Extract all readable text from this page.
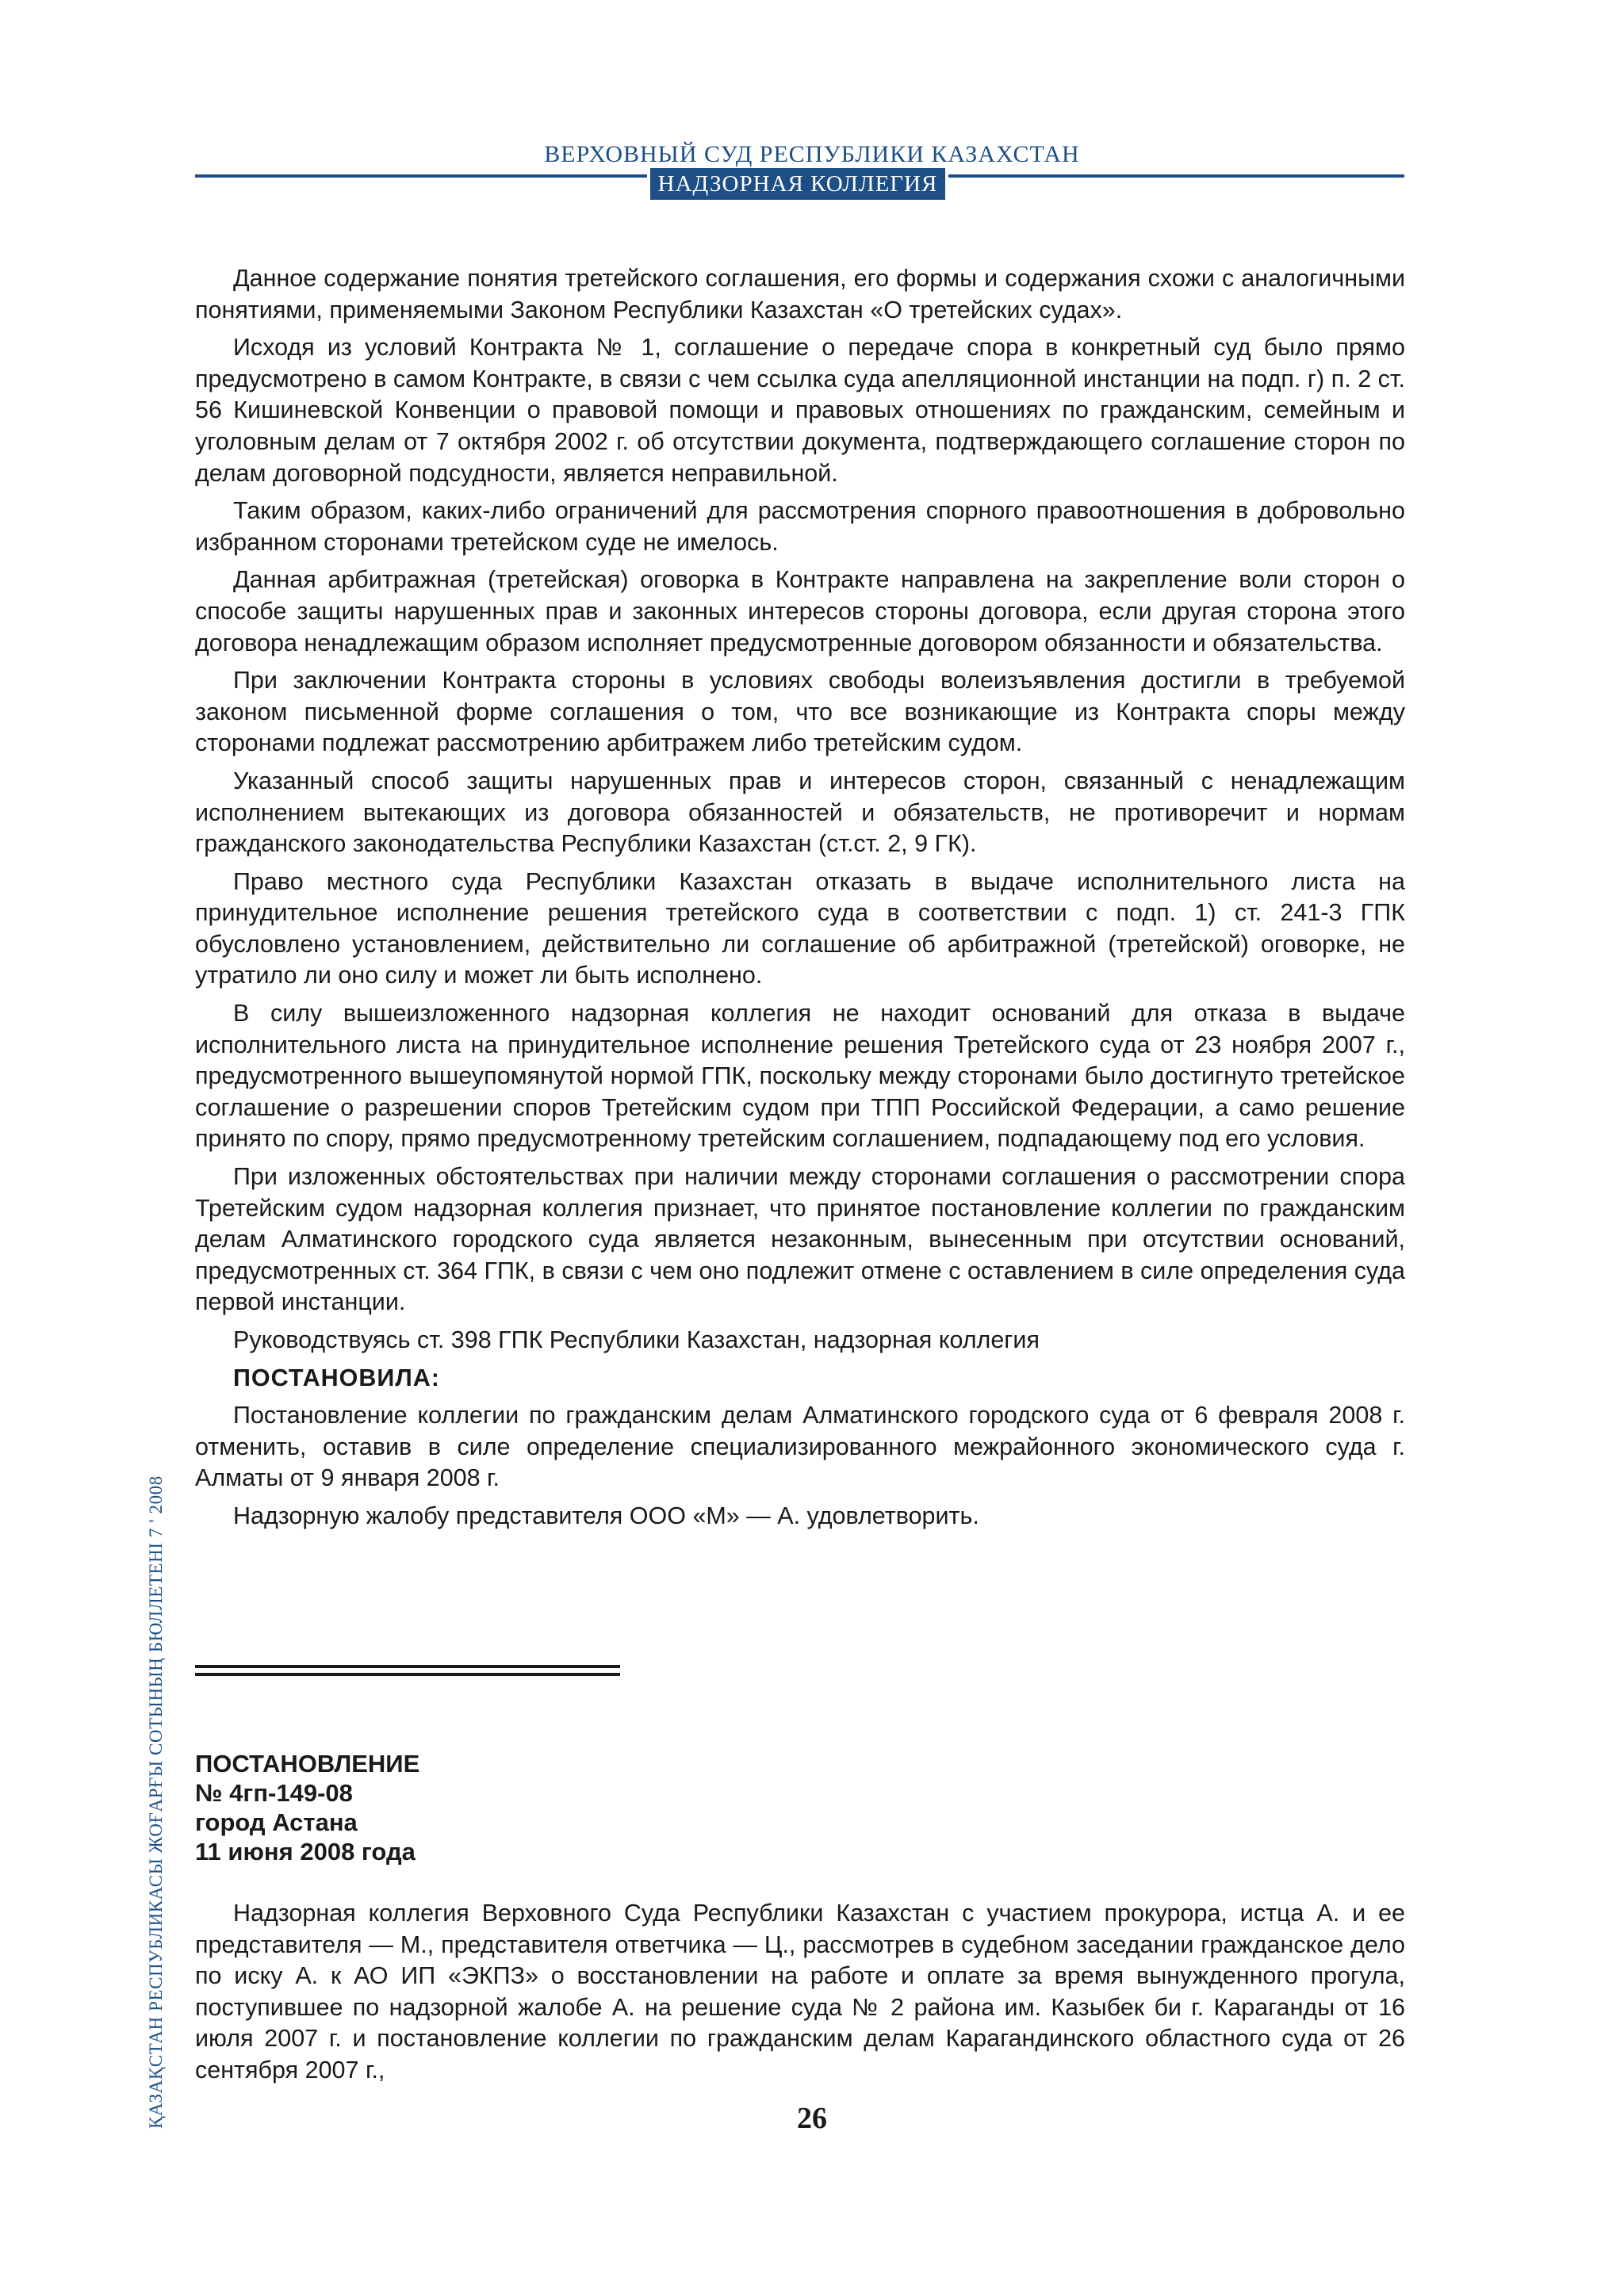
ВЕРХОВНЫЙ СУД РЕСПУБЛИКИ КАЗАХСТАН
НАДЗОРНАЯ КОЛЛЕГИЯ
ҚАЗАҚСТАН РЕСПУБЛИКАСЫ ЖОҒАРҒЫ СОТЫНЫҢ БЮЛЛЕТЕНІ 7 ' 2008

Данное содержание понятия третейского соглашения, его формы и содержания схожи с аналогичными понятиями, применяемыми Законом Республики Казахстан «О третейских судах».

Исходя из условий Контракта № 1, соглашение о передаче спора в конкретный суд было прямо предусмотрено в самом Контракте, в связи с чем ссылка суда апелляционной инстанции на подп. г) п. 2 ст. 56 Кишиневской Конвенции о правовой помощи и правовых отношениях по гражданским, семейным и уголовным делам от 7 октября 2002 г. об отсутствии документа, подтверждающего соглашение сторон по делам договорной подсудности, является неправильной.

Таким образом, каких-либо ограничений для рассмотрения спорного правоотношения в добровольно избранном сторонами третейском суде не имелось.

Данная арбитражная (третейская) оговорка в Контракте направлена на закрепление воли сторон о способе защиты нарушенных прав и законных интересов стороны договора, если другая сторона этого договора ненадлежащим образом исполняет предусмотренные договором обязанности и обязательства.

При заключении Контракта стороны в условиях свободы волеизъявления достигли в требуемой законом письменной форме соглашения о том, что все возникающие из Контракта споры между сторонами подлежат рассмотрению арбитражем либо третейским судом.

Указанный способ защиты нарушенных прав и интересов сторон, связанный с ненадлежащим исполнением вытекающих из договора обязанностей и обязательств, не противоречит и нормам гражданского законодательства Республики Казахстан (ст.ст. 2, 9 ГК).

Право местного суда Республики Казахстан отказать в выдаче исполнительного листа на принудительное исполнение решения третейского суда в соответствии с подп. 1) ст. 241-3 ГПК обусловлено установлением, действительно ли соглашение об арбитражной (третейской) оговорке, не утратило ли оно силу и может ли быть исполнено.

В силу вышеизложенного надзорная коллегия не находит оснований для отказа в выдаче исполнительного листа на принудительное исполнение решения Третейского суда от 23 ноября 2007 г., предусмотренного вышеупомянутой нормой ГПК, поскольку между сторонами было достигнуто третейское соглашение о разрешении споров Третейским судом при ТПП Российской Федерации, а само решение принято по спору, прямо предусмотренному третейским соглашением, подпадающему под его условия.

При изложенных обстоятельствах при наличии между сторонами соглашения о рассмотрении спора Третейским судом надзорная коллегия признает, что принятое постановление коллегии по гражданским делам Алматинского городского суда является незаконным, вынесенным при отсутствии оснований, предусмотренных ст. 364 ГПК, в связи с чем оно подлежит отмене с оставлением в силе определения суда первой инстанции.

Руководствуясь ст. 398 ГПК Республики Казахстан, надзорная коллегия

ПОСТАНОВИЛА:

Постановление коллегии по гражданским делам Алматинского городского суда от 6 февраля 2008 г. отменить, оставив в силе определение специализированного межрайонного экономического суда г. Алматы от 9 января 2008 г.

Надзорную жалобу представителя ООО «М» — А. удовлетворить.

ПОСТАНОВЛЕНИЕ
№ 4гп-149-08
город Астана
11 июня 2008 года

Надзорная коллегия Верховного Суда Республики Казахстан с участием прокурора, истца А. и ее представителя — М., представителя ответчика — Ц., рассмотрев в судебном заседании гражданское дело по иску А. к АО ИП «ЭКПЗ» о восстановлении на работе и оплате за время вынужденного прогула, поступившее по надзорной жалобе А. на решение суда № 2 района им. Казыбек би г. Караганды от 16 июля 2007 г. и постановление коллегии по гражданским делам Карагандинского областного суда от 26 сентября 2007 г.,

26
